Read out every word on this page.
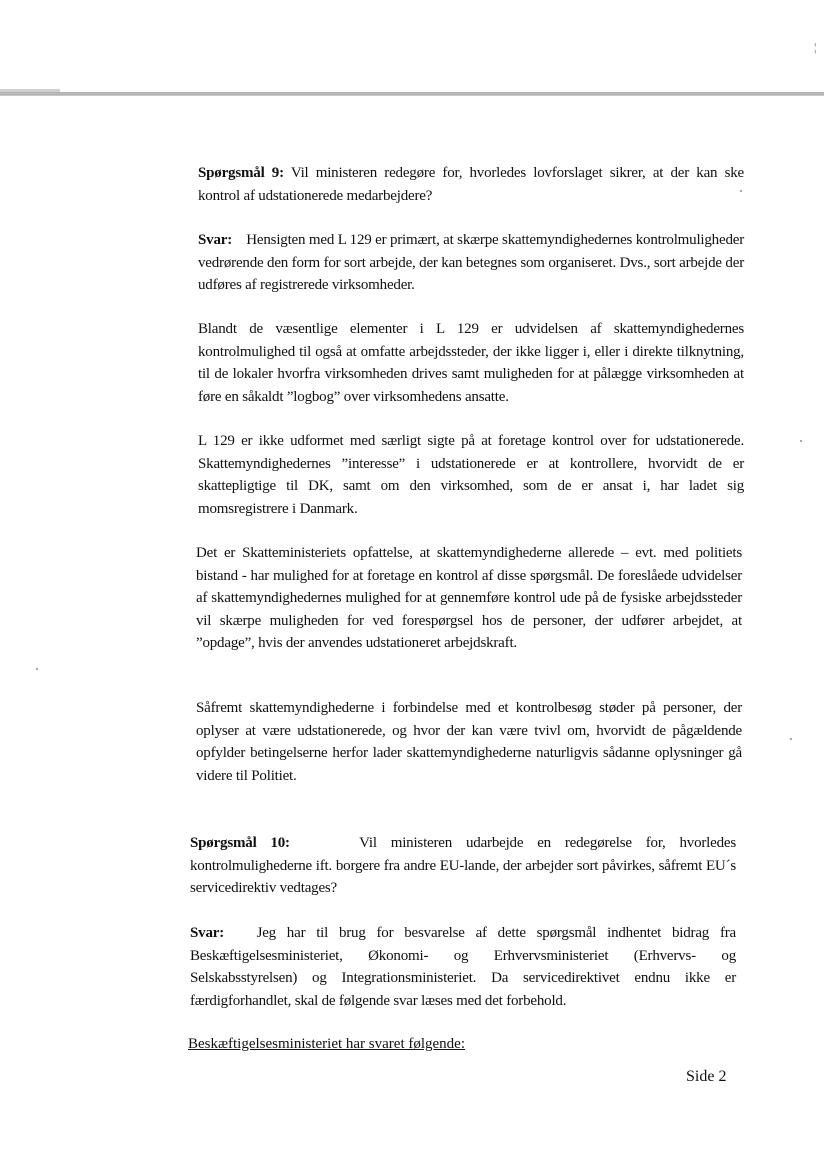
¦
Spørgsmål 9: Vil ministeren redegøre for, hvorledes lovforslaget sikrer, at der kan ske kontrol af udstationerede medarbejdere?
Svar: Hensigten med L 129 er primært, at skærpe skattemyndighedernes kontrolmuligheder vedrørende den form for sort arbejde, der kan betegnes som organiseret. Dvs., sort arbejde der udføres af registrerede virksomheder.
Blandt de væsentlige elementer i L 129 er udvidelsen af skattemyndighedernes kontrolmulighed til også at omfatte arbejdssteder, der ikke ligger i, eller i direkte tilknytning, til de lokaler hvorfra virksomheden drives samt muligheden for at pålægge virksomheden at føre en såkaldt ”logbog” over virksomhedens ansatte.
L 129 er ikke udformet med særligt sigte på at foretage kontrol over for udstationerede. Skattemyndighedernes ”interesse” i udstationerede er at kontrollere, hvorvidt de er skattepligtige til DK, samt om den virksomhed, som de er ansat i, har ladet sig momsregistrere i Danmark.
Det er Skatteministeriets opfattelse, at skattemyndighederne allerede – evt. med politiets bistand - har mulighed for at foretage en kontrol af disse spørgsmål. De foreslåede udvidelser af skattemyndighedernes mulighed for at gennemføre kontrol ude på de fysiske arbejdssteder vil skærpe muligheden for ved forespørgsel hos de personer, der udfører arbejdet, at ”opdage”, hvis der anvendes udstationeret arbejdskraft.
Såfremt skattemyndighederne i forbindelse med et kontrolbesøg støder på personer, der oplyser at være udstationerede, og hvor der kan være tvivl om, hvorvidt de pågældende opfylder betingelserne herfor lader skattemyndighederne naturligvis sådanne oplysninger gå videre til Politiet.
Spørgsmål 10:	Vil ministeren udarbejde en redegørelse for, hvorledes kontrolmulighederne ift. borgere fra andre EU-lande, der arbejder sort påvirkes, såfremt EU´s servicedirektiv vedtages?
Svar: Jeg har til brug for besvarelse af dette spørgsmål indhentet bidrag fra Beskæftigelsesministeriet, Økonomi- og Erhvervsministeriet (Erhvervs- og Selskabsstyrelsen) og Integrationsministeriet. Da servicedirektivet endnu ikke er færdigforhandlet, skal de følgende svar læses med det forbehold.
Beskæftigelsesministeriet har svaret følgende:
Side 2
